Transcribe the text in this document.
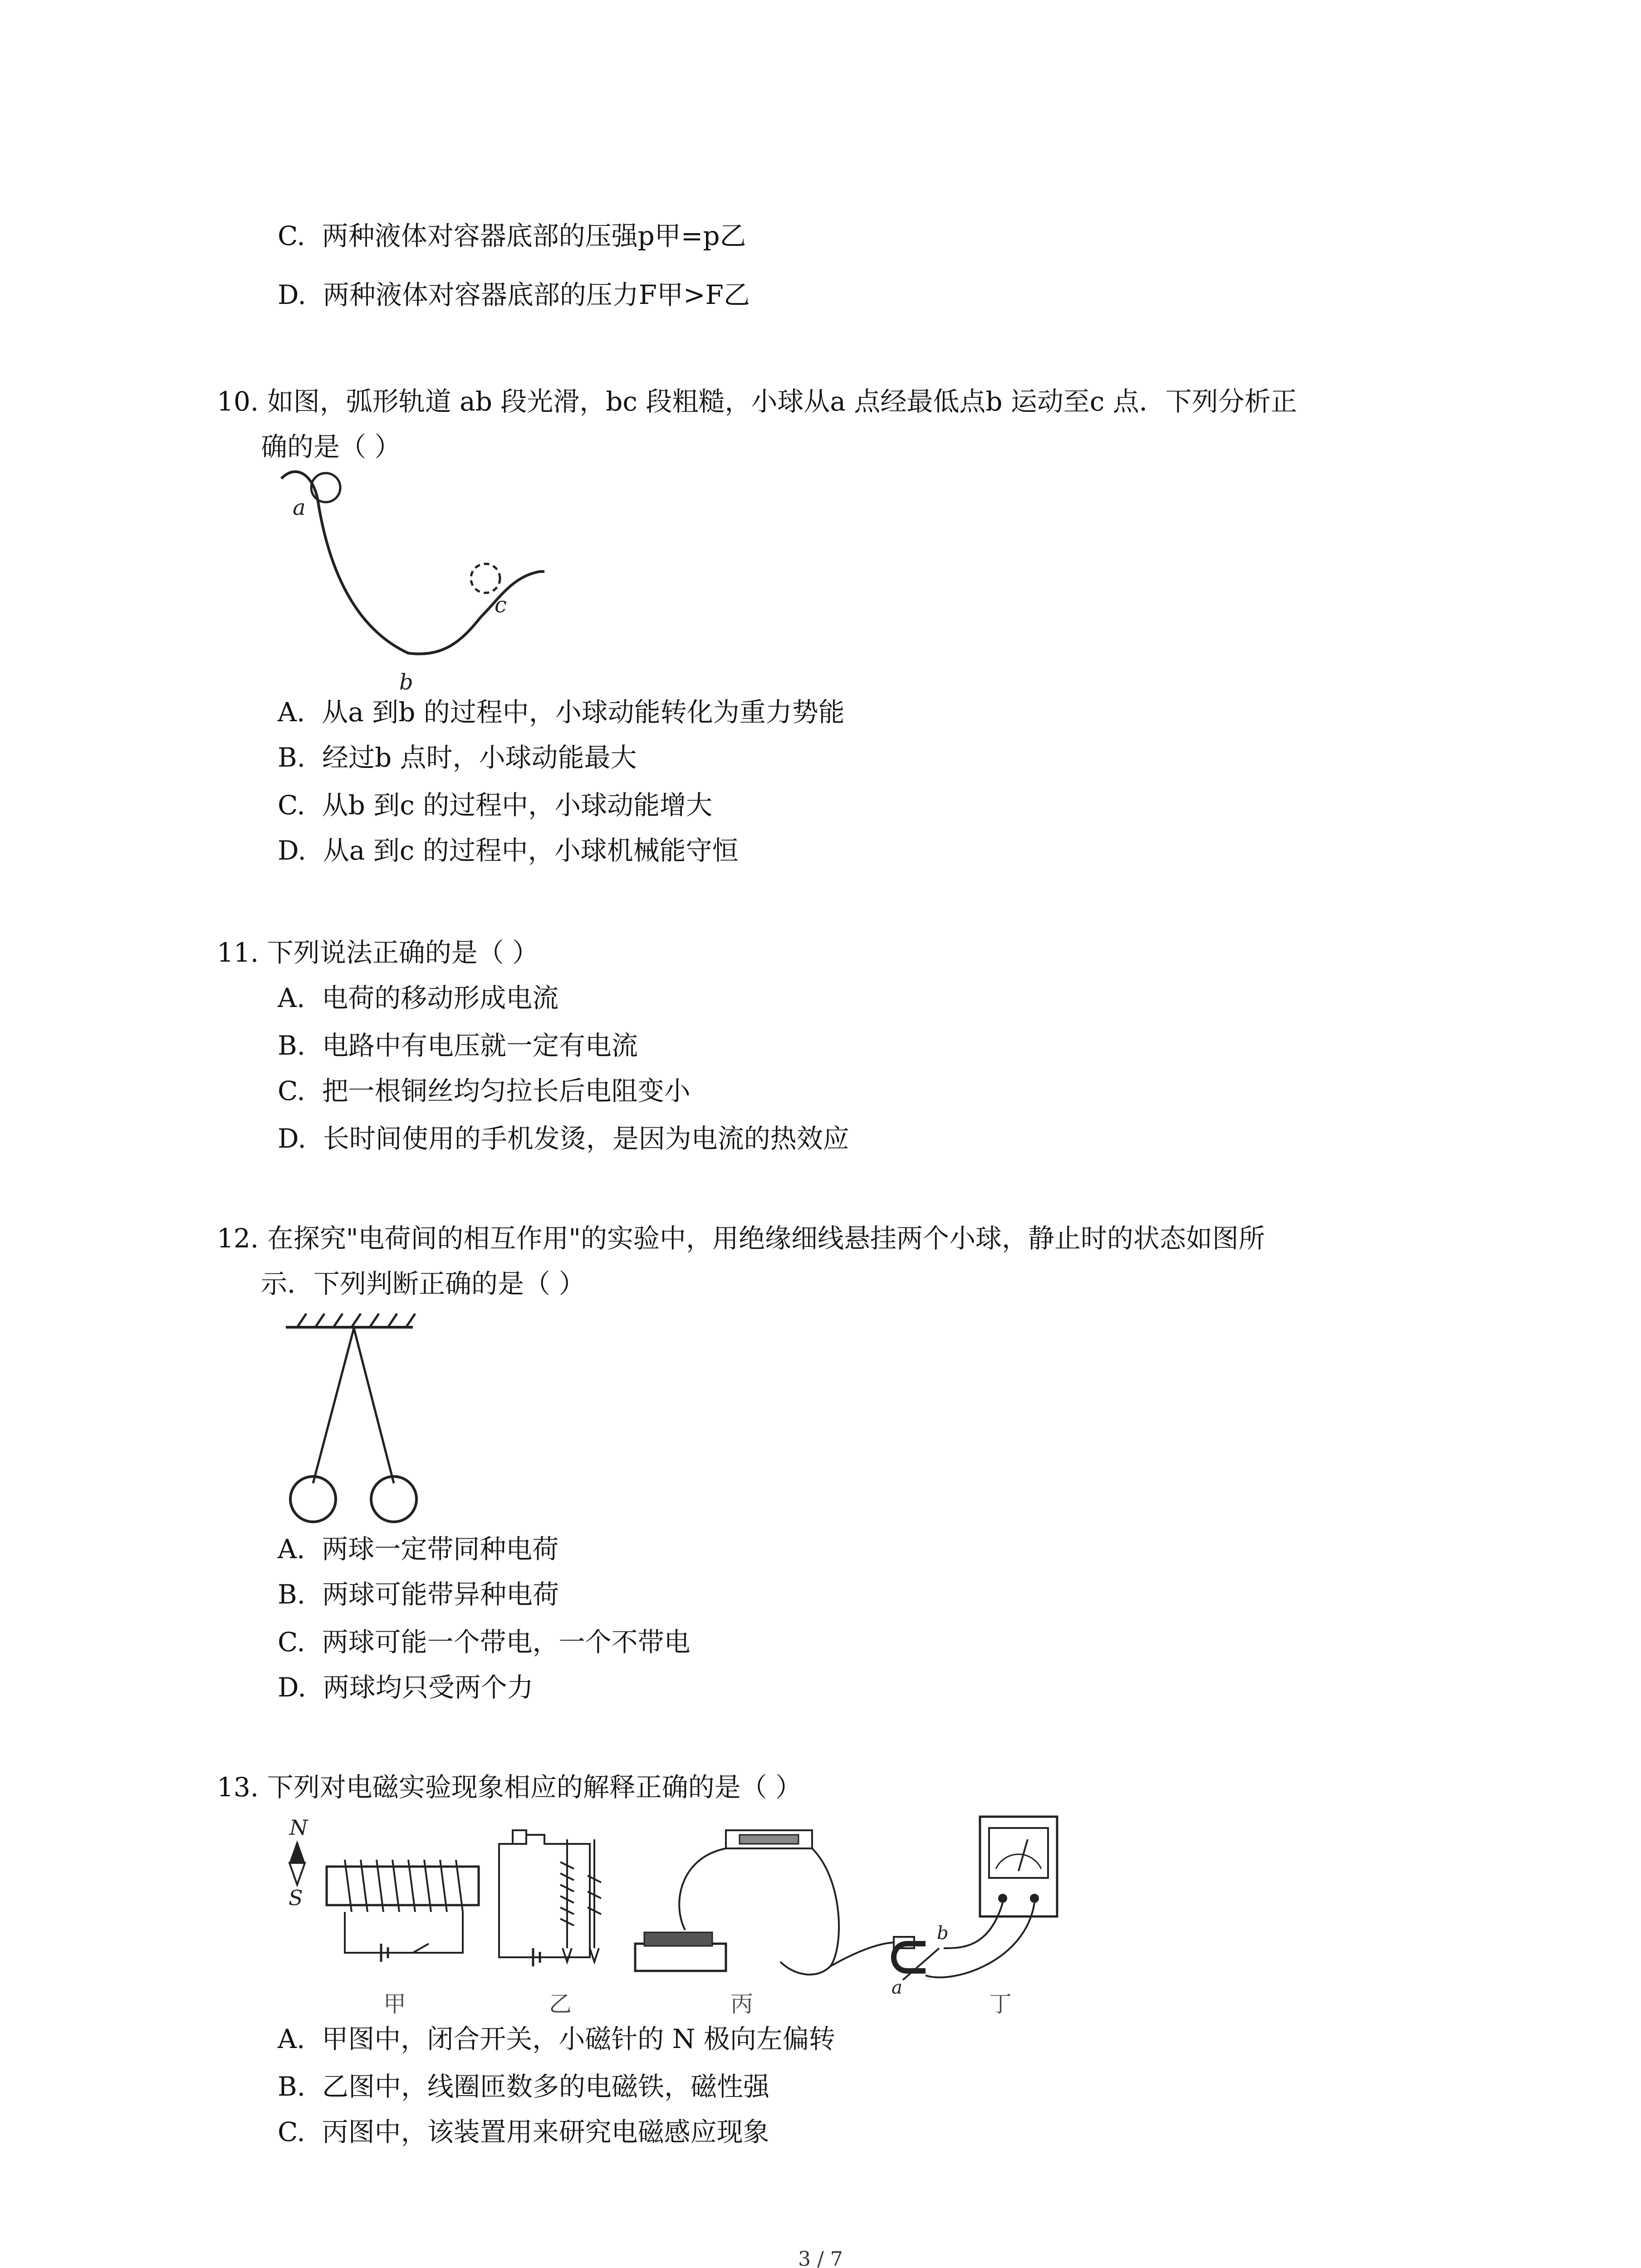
C. 两种液体对容器底部的压强p甲=p乙
D. 两种液体对容器底部的压力F甲>F乙
10. 如图，弧形轨道 ab 段光滑，bc 段粗糙，小球从a 点经最低点b 运动至c 点．下列分析正
确的是（ ）
a
c
b
A. 从a 到b 的过程中，小球动能转化为重力势能
B. 经过b 点时，小球动能最大
C. 从b 到c 的过程中，小球动能增大
D. 从a 到c 的过程中，小球机械能守恒
11. 下列说法正确的是（ ）
A. 电荷的移动形成电流
B. 电路中有电压就一定有电流
C. 把一根铜丝均匀拉长后电阻变小
D. 长时间使用的手机发烫，是因为电流的热效应
12. 在探究"电荷间的相互作用"的实验中，用绝缘细线悬挂两个小球，静止时的状态如图所
示．下列判断正确的是（ ）
A. 两球一定带同种电荷
B. 两球可能带异种电荷
C. 两球可能一个带电，一个不带电
D. 两球均只受两个力
13. 下列对电磁实验现象相应的解释正确的是（ ）
N
S
甲	乙	丙
b
a
丁
A. 甲图中，闭合开关，小磁针的 N 极向左偏转
B. 乙图中，线圈匝数多的电磁铁，磁性强
C. 丙图中，该装置用来研究电磁感应现象
3 / 7
